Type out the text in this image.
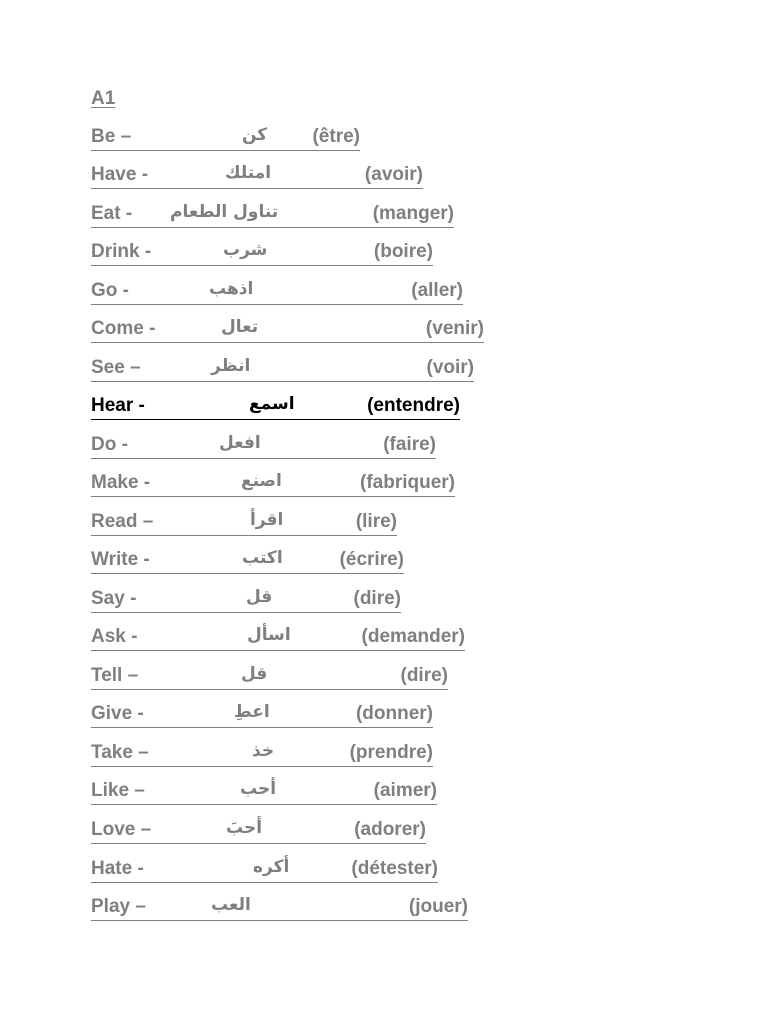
A1
Be –	كن (être)
Have -	امتلك	(avoir)
Eat - تناول الطعام	(manger)
Drink -	شرب	(boire)
Go -	اذهب	(aller)
Come -	تعال	(venir)
See –	انظر	(voir)
Hear -	اسمع	(entendre)
Do -	افعل	(faire)
Make -	اصنع	(fabriquer)
Read –	اقرأ	(lire)
Write -	اكتب	(écrire)
Say -	قل	(dire)
Ask -	اسأل	(demander)
Tell –	قل	(dire)
Give -	اعطِ	(donner)
Take –	خذ	(prendre)
Like –	أحب	(aimer)
Love –	أحبَ	(adorer)
Hate -	أكره	(détester)
Play –	العب	(jouer)
